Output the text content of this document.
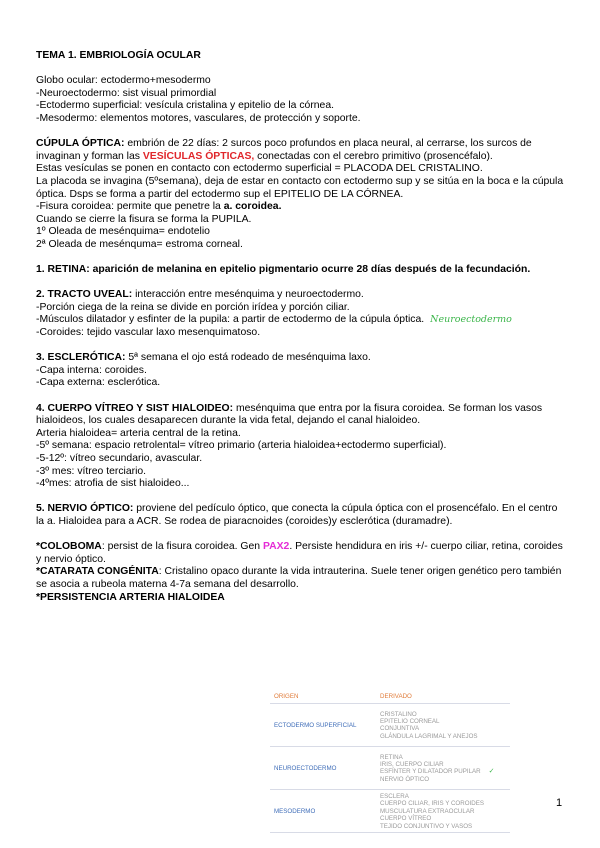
TEMA 1. EMBRIOLOGÍA OCULAR

Globo ocular: ectodermo+mesodermo

-Neuroectodermo: sist visual primordial

-Ectodermo superficial: vesícula cristalina y epitelio de la córnea.

-Mesodermo: elementos motores, vasculares, de protección y soporte.

CÚPULA ÓPTICA: embrión de 22 días: 2 surcos poco profundos en placa neural, al cerrarse, los surcos de invaginan y forman las VESÍCULAS ÓPTICAS, conectadas con el cerebro primitivo (prosencéfalo).

Estas vesículas se ponen en contacto con ectodermo superficial = PLACODA DEL CRISTALINO.

La placoda se invagina (5ºsemana), deja de estar en contacto con ectodermo sup y se sitúa en la boca e la cúpula óptica. Dsps se forma a partir del ectodermo sup el EPITELIO DE LA CÓRNEA.

-Fisura coroidea: permite que penetre la a. coroidea.

Cuando se cierre la fisura se forma la PUPILA.

1º Oleada de mesénquima= endotelio

2ª Oleada de mesénquma= estroma corneal.

1. RETINA: aparición de melanina en epitelio pigmentario ocurre 28 días después de la fecundación.

2. TRACTO UVEAL: interacción entre mesénquima y neuroectodermo.

-Porción ciega de la reina se divide en porción irídea y porción ciliar.

-Músculos dilatador y esfinter de la pupila: a partir de ectodermo de la cúpula óptica. Neuroectodermo

-Coroides: tejido vascular laxo mesenquimatoso.

3. ESCLERÓTICA: 5ª semana el ojo está rodeado de mesénquima laxo.

-Capa interna: coroides.

-Capa externa: esclerótica.

4. CUERPO VÍTREO Y SIST HIALOIDEO: mesénquima que entra por la fisura coroidea. Se forman los vasos hialoideos, los cuales desaparecen durante la vida fetal, dejando el canal hialoideo.

Arteria hialoidea= arteria central de la retina.

-5º semana: espacio retrolental= vítreo primario (arteria hialoidea+ectodermo superficial).

-5-12º: vítreo secundario, avascular.

-3º mes: vítreo terciario.

-4ºmes: atrofia de sist hialoideo...

5. NERVIO ÓPTICO: proviene del pedículo óptico, que conecta la cúpula óptica con el prosencéfalo. En el centro la a. Hialoidea para a ACR. Se rodea de piaracnoides (coroides)y esclerótica (duramadre).

*COLOBOMA: persist de la fisura coroidea. Gen PAX2. Persiste hendidura en iris +/- cuerpo ciliar, retina, coroides y nervio óptico.

*CATARATA CONGÉNITA: Cristalino opaco durante la vida intrauterina. Suele tener origen genético pero también se asocia a rubeola materna 4-7a semana del desarrollo.

*PERSISTENCIA ARTERIA HIALOIDEA

ORIGEN	DERIVADO
ECTODERMO SUPERFICIAL	CRISTALINO
EPITELIO CORNEAL
CONJUNTIVA
GLÁNDULA LAGRIMAL Y ANEJOS

NEUROECTODERMO	RETINA
IRIS, CUERPO CILIAR
ESFÍNTER Y DILATADOR PUPILAR ✓
NERVIO ÓPTICO

MESODERMO	ESCLERA
CUERPO CILIAR, IRIS Y COROIDES
MUSCULATURA EXTRAOCULAR
CUERPO VÍTREO
TEJIDO CONJUNTIVO Y VASOS
1
